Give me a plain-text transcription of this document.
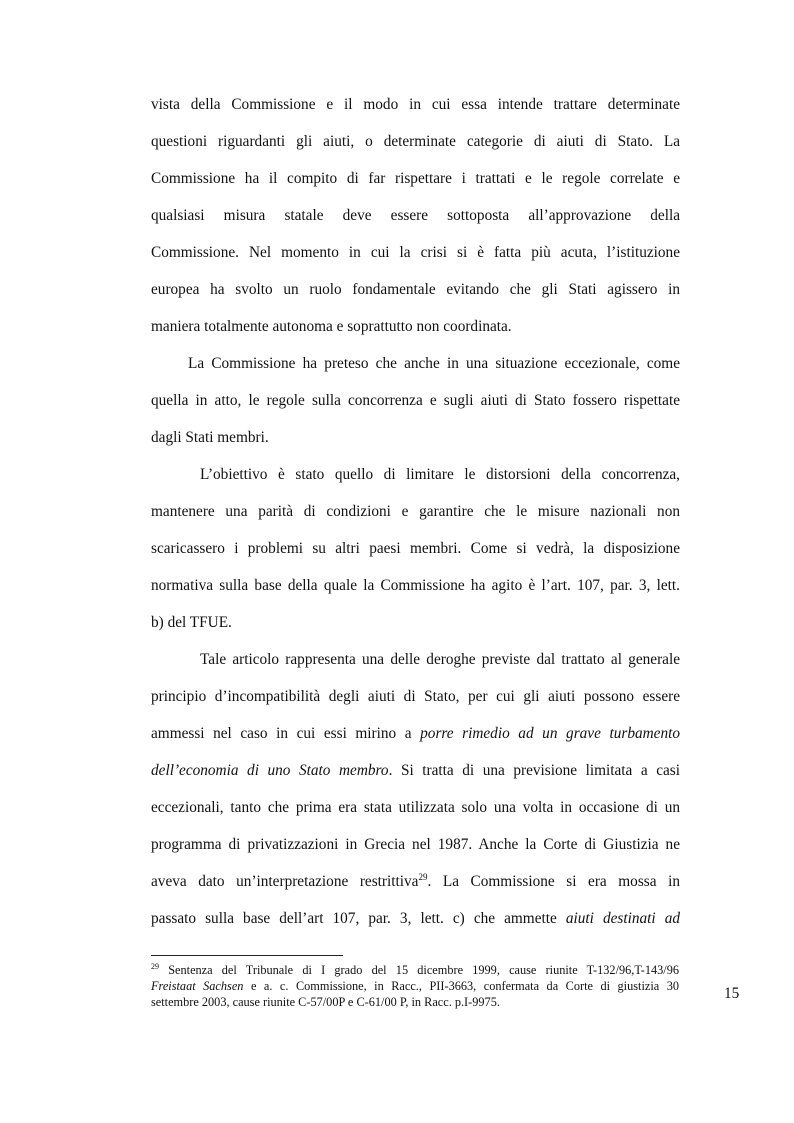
vista della Commissione e il modo in cui essa intende trattare determinate
questioni riguardanti gli aiuti, o determinate categorie di aiuti di Stato. La
Commissione ha il compito di far rispettare i trattati e le regole correlate e
qualsiasi misura statale deve essere sottoposta all’approvazione della
Commissione. Nel momento in cui la crisi si è fatta più acuta, l’istituzione
europea ha svolto un ruolo fondamentale evitando che gli Stati agissero in
maniera totalmente autonoma e soprattutto non coordinata.
La Commissione ha preteso che anche in una situazione eccezionale, come
quella in atto, le regole sulla concorrenza e sugli aiuti di Stato fossero rispettate
dagli Stati membri.
L’obiettivo è stato quello di limitare le distorsioni della concorrenza,
mantenere una parità di condizioni e garantire che le misure nazionali non
scaricassero i problemi su altri paesi membri. Come si vedrà, la disposizione
normativa sulla base della quale la Commissione ha agito è l’art. 107, par. 3, lett.
b) del TFUE.
Tale articolo rappresenta una delle deroghe previste dal trattato al generale
principio d’incompatibilità degli aiuti di Stato, per cui gli aiuti possono essere
ammessi nel caso in cui essi mirino a porre rimedio ad un grave turbamento
dell’economia di uno Stato membro. Si tratta di una previsione limitata a casi
eccezionali, tanto che prima era stata utilizzata solo una volta in occasione di un
programma di privatizzazioni in Grecia nel 1987. Anche la Corte di Giustizia ne
aveva dato un’interpretazione restrittiva$^{29}$. La Commissione si era mossa in
passato sulla base dell’art 107, par. 3, lett. c) che ammette aiuti destinati ad
$^{29}$ Sentenza del Tribunale di I grado del 15 dicembre 1999, cause riunite T-132/96,T-143/96
Freistaat Sachsen e a. c. Commissione, in Racc., PII-3663, confermata da Corte di giustizia 30
settembre 2003, cause riunite C-57/00P e C-61/00 P, in Racc. p.I-9975.	15
